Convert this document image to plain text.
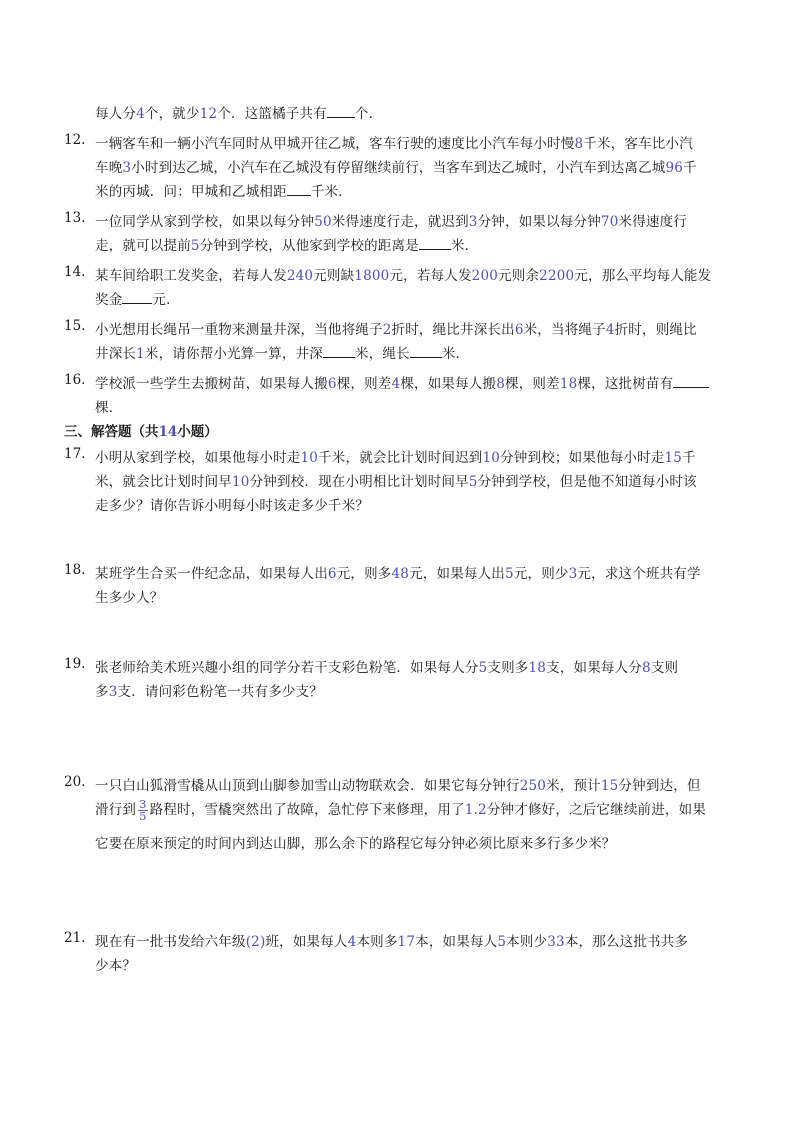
每人分4个，就少12个．这篮橘子共有 个．
12. 一辆客车和一辆小汽车同时从甲城开往乙城，客车行驶的速度比小汽车每小时慢8千米，客车比小汽
车晚3小时到达乙城，小汽车在乙城没有停留继续前行，当客车到达乙城时，小汽车到达离乙城96千
米的丙城．问：甲城和乙城相距 千米．
13. 一位同学从家到学校，如果以每分钟50米得速度行走，就迟到3分钟，如果以每分钟70米得速度行
走，就可以提前5分钟到学校，从他家到学校的距离是 米．
14. 某车间给职工发奖金，若每人发240元则缺1800元，若每人发200元则余2200元，那么平均每人能发
奖金 元．
15. 小光想用长绳吊一重物来测量井深，当他将绳子2折时，绳比井深长出6米，当将绳子4折时，则绳比
井深长1米，请你帮小光算一算，井深 米，绳长 米．
16. 学校派一些学生去搬树苗，如果每人搬6棵，则差4棵，如果每人搬8棵，则差18棵，这批树苗有
棵．
三、解答题（共14小题）
17. 小明从家到学校，如果他每小时走10千米，就会比计划时间迟到10分钟到校；如果他每小时走15千
米，就会比计划时间早10分钟到校．现在小明相比计划时间早5分钟到学校，但是他不知道每小时该
走多少？请你告诉小明每小时该走多少千米？
18. 某班学生合买一件纪念品，如果每人出6元，则多48元，如果每人出5元，则少3元，求这个班共有学
生多少人？
19. 张老师给美术班兴趣小组的同学分若干支彩色粉笔．如果每人分5支则多18支，如果每人分8支则
多3支．请问彩色粉笔一共有多少支？
20. 一只白山狐滑雪橇从山顶到山脚参加雪山动物联欢会．如果它每分钟行250米，预计15分钟到达，但
滑行到 $\frac{3}{5}$ 路程时，雪橇突然出了故障，急忙停下来修理，用了1.2分钟才修好，之后它继续前进，如果
它要在原来预定的时间内到达山脚，那么余下的路程它每分钟必须比原来多行多少米？
21. 现在有一批书发给六年级(2)班，如果每人4本则多17本，如果每人5本则少33本，那么这批书共多
少本？
